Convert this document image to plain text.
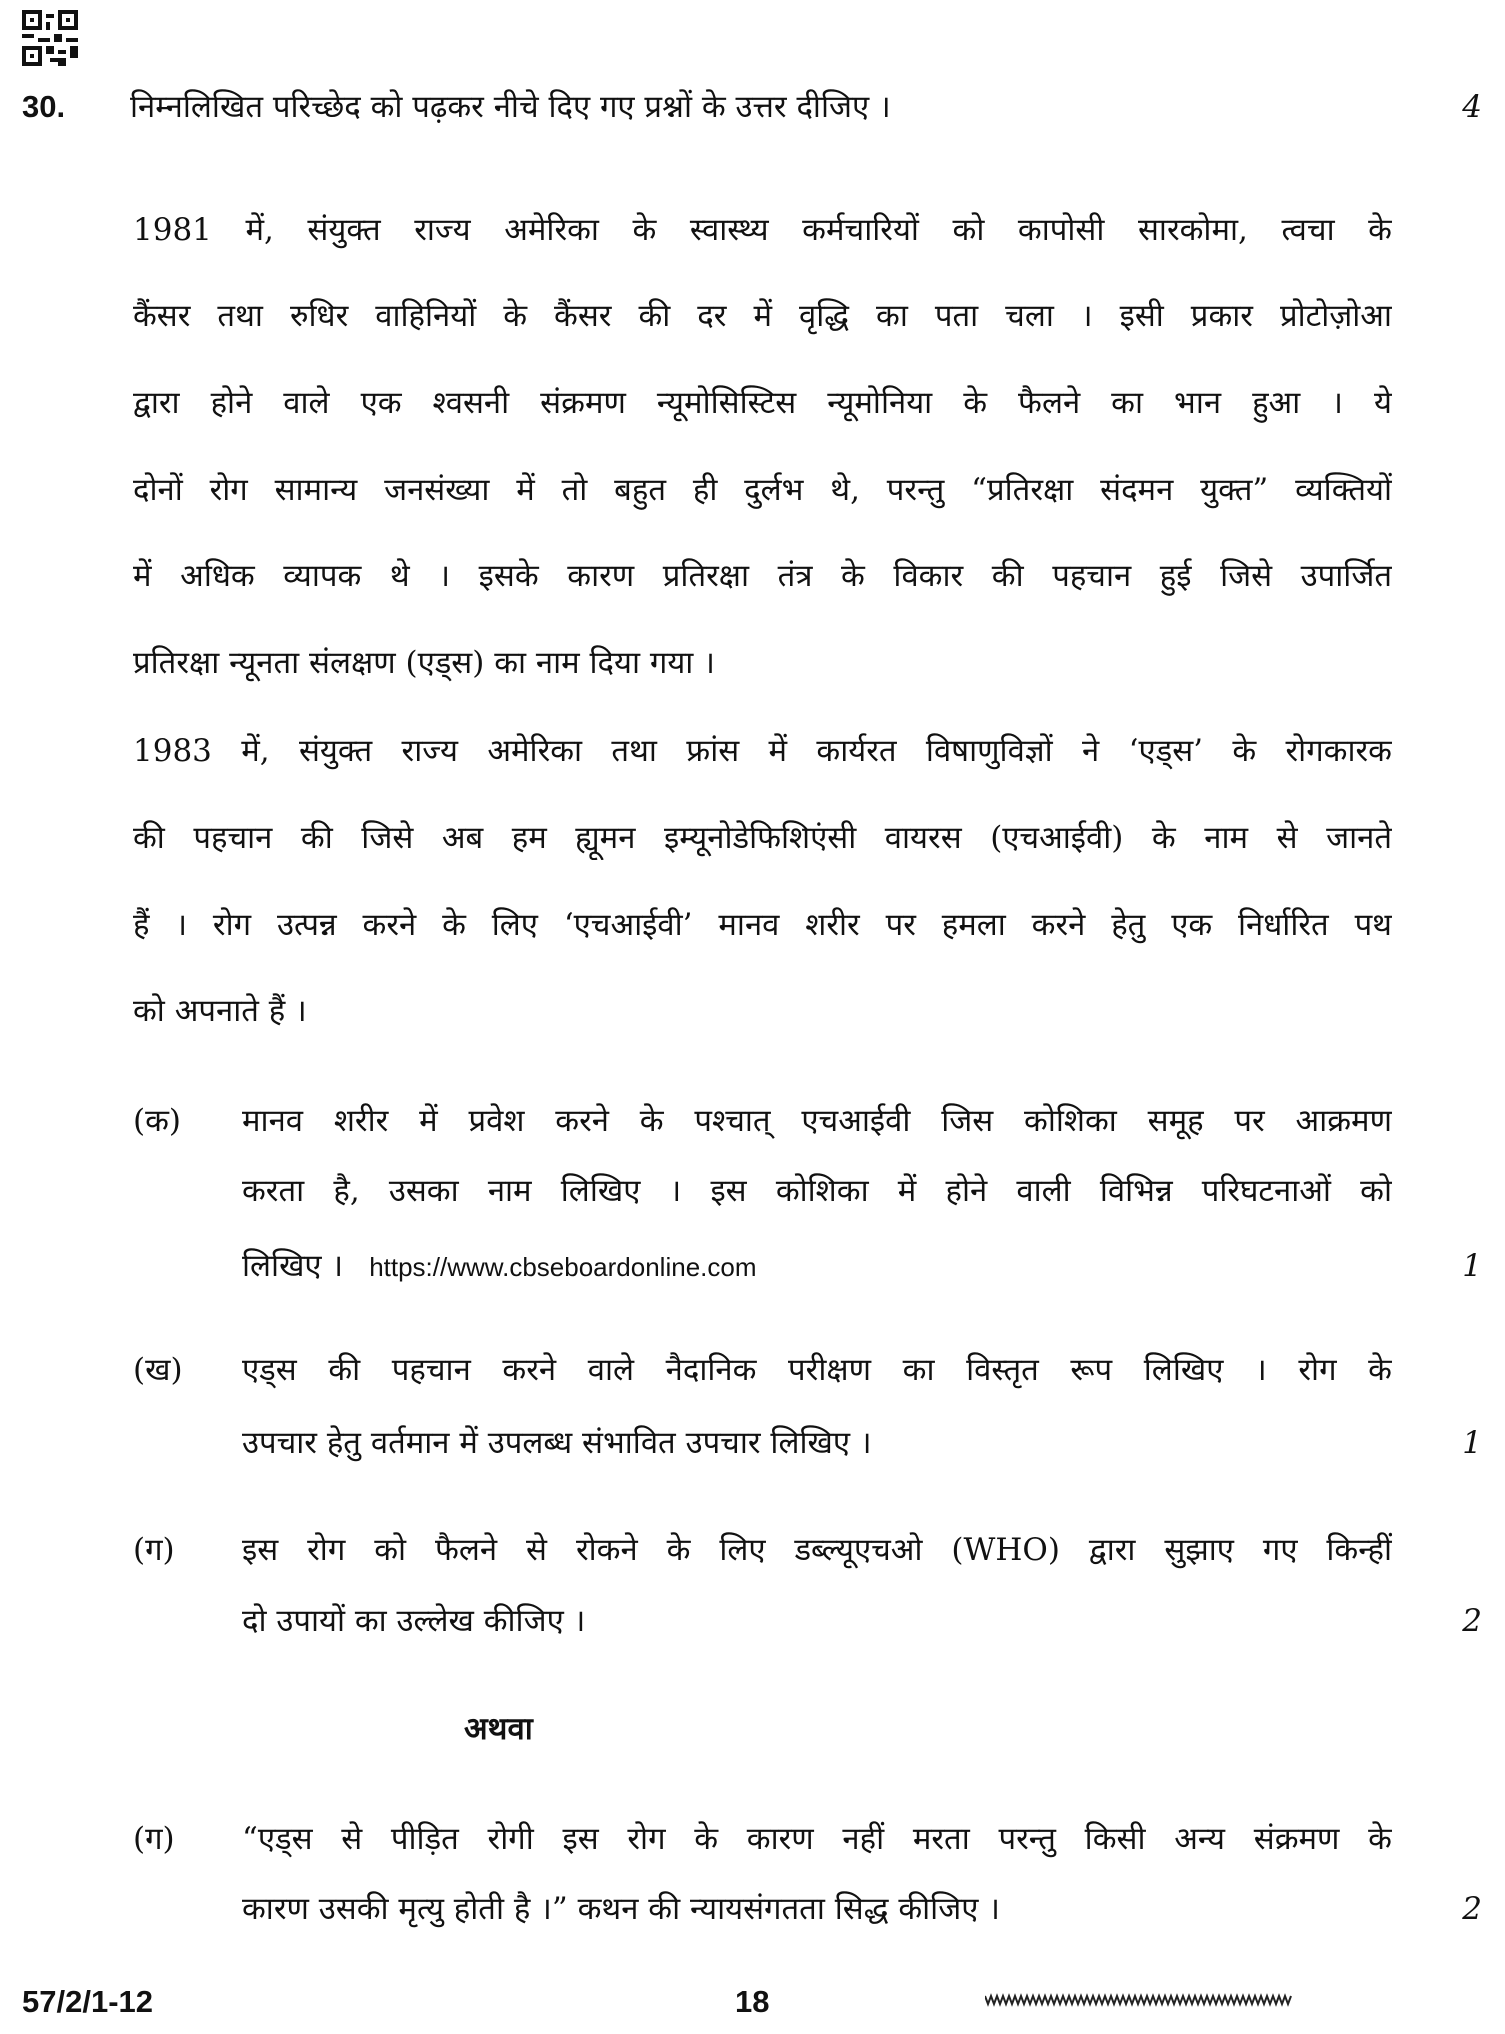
30. निम्नलिखित परिच्छेद को पढ़कर नीचे दिए गए प्रश्नों के उत्तर दीजिए ।	4
1981 में, संयुक्त राज्य अमेरिका के स्वास्थ्य कर्मचारियों को कापोसी सारकोमा, त्वचा के
कैंसर तथा रुधिर वाहिनियों के कैंसर की दर में वृद्धि का पता चला । इसी प्रकार प्रोटोज़ोआ
द्वारा होने वाले एक श्वसनी संक्रमण न्यूमोसिस्टिस न्यूमोनिया के फैलने का भान हुआ । ये
दोनों रोग सामान्य जनसंख्या में तो बहुत ही दुर्लभ थे, परन्तु “प्रतिरक्षा संदमन युक्त” व्यक्तियों
में अधिक व्यापक थे । इसके कारण प्रतिरक्षा तंत्र के विकार की पहचान हुई जिसे उपार्जित
प्रतिरक्षा न्यूनता संलक्षण (एड्स) का नाम दिया गया ।
1983 में, संयुक्त राज्य अमेरिका तथा फ्रांस में कार्यरत विषाणुविज्ञों ने ‘एड्स’ के रोगकारक
की पहचान की जिसे अब हम ह्यूमन इम्यूनोडेफिशिएंसी वायरस (एचआईवी) के नाम से जानते
हैं । रोग उत्पन्न करने के लिए ‘एचआईवी’ मानव शरीर पर हमला करने हेतु एक निर्धारित पथ
को अपनाते हैं ।
(क) मानव शरीर में प्रवेश करने के पश्चात् एचआईवी जिस कोशिका समूह पर आक्रमण
करता है, उसका नाम लिखिए । इस कोशिका में होने वाली विभिन्न परिघटनाओं को
लिखिए । https://www.cbseboardonline.com	1
(ख) एड्स की पहचान करने वाले नैदानिक परीक्षण का विस्तृत रूप लिखिए । रोग के
उपचार हेतु वर्तमान में उपलब्ध संभावित उपचार लिखिए ।	1
(ग) इस रोग को फैलने से रोकने के लिए डब्ल्यूएचओ (WHO) द्वारा सुझाए गए किन्हीं
दो उपायों का उल्लेख कीजिए ।	2
अथवा
(ग) “एड्स से पीड़ित रोगी इस रोग के कारण नहीं मरता परन्तु किसी अन्य संक्रमण के
कारण उसकी मृत्यु होती है ।” कथन की न्यायसंगतता सिद्ध कीजिए ।	2
57/2/1-12	18
